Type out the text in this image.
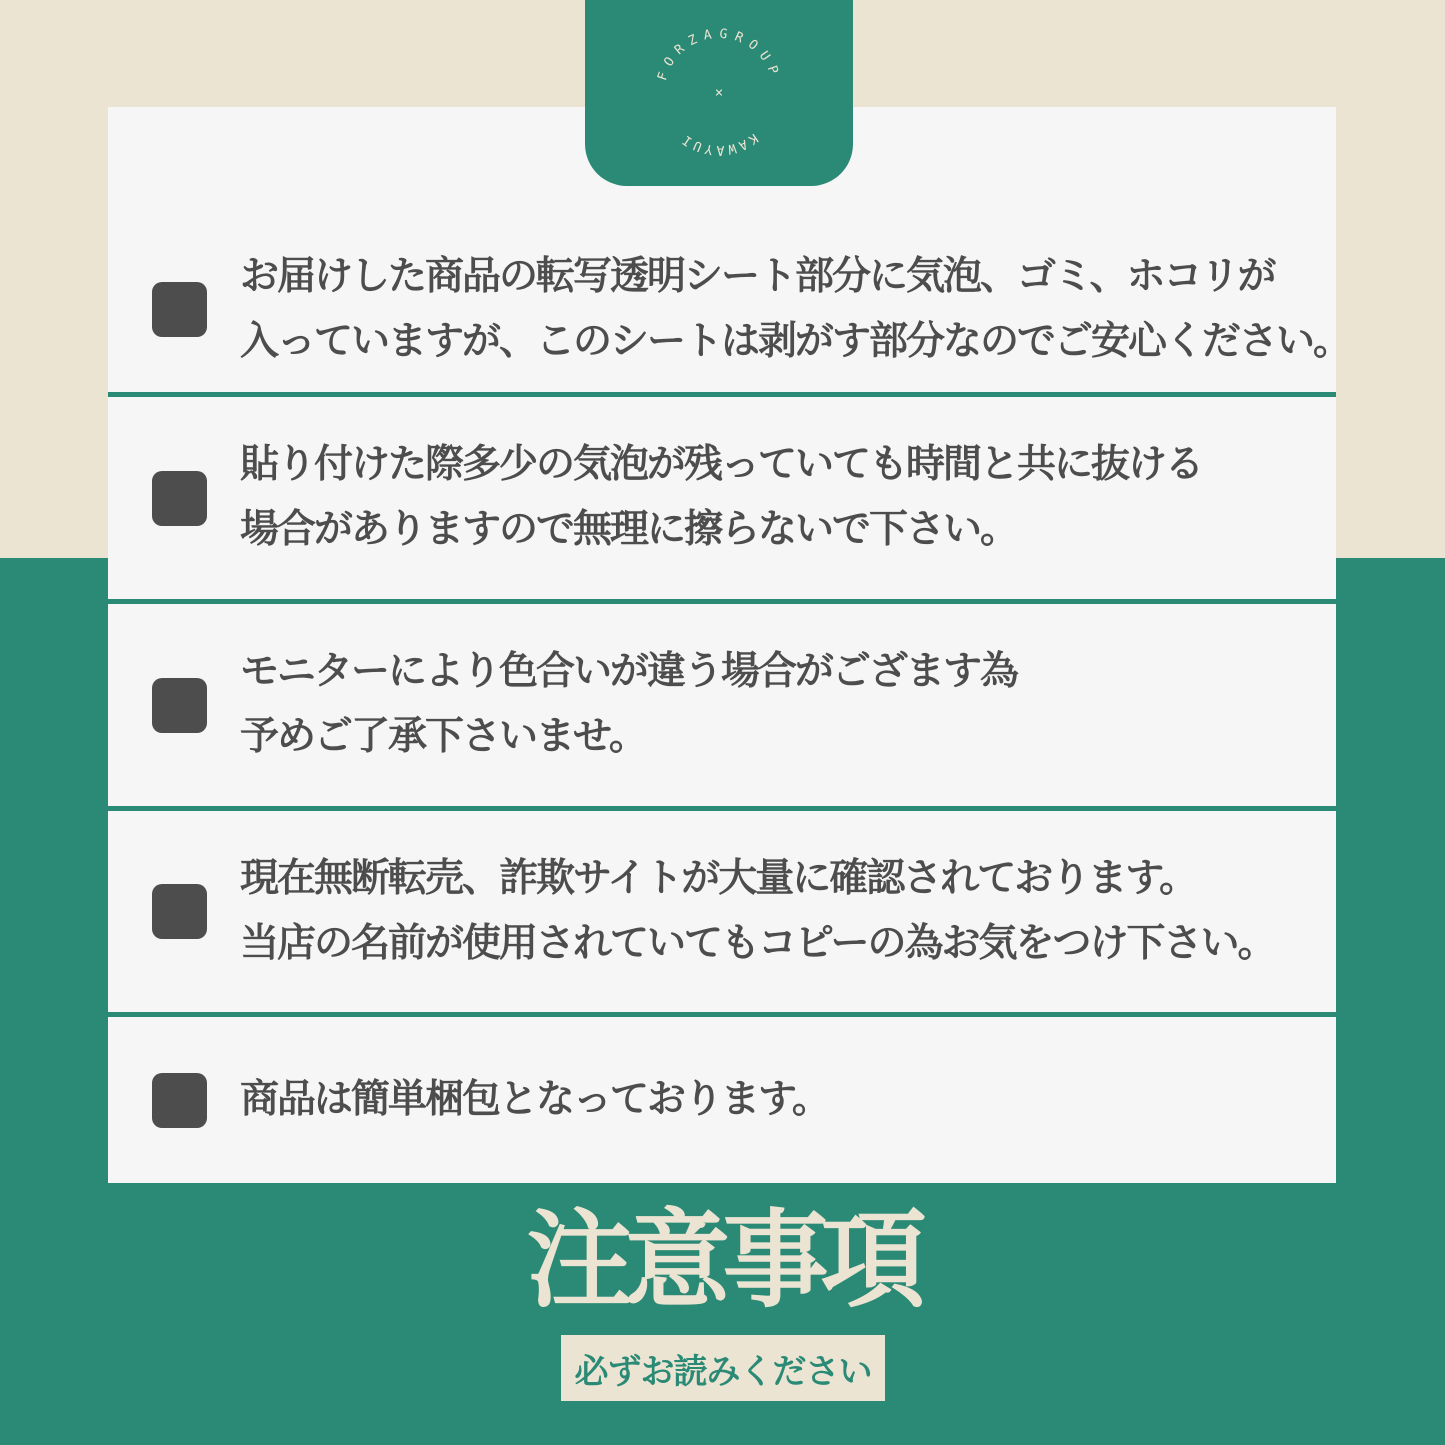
お届けした商品の転写透明シート部分に気泡、ゴミ、ホコリが
入っていますが、このシートは剥がす部分なのでご安心ください。
貼り付けた際多少の気泡が残っていても時間と共に抜ける
場合がありますので無理に擦らないで下さい。
モニターにより色合いが違う場合がござます為
予めご了承下さいませ。
現在無断転売、詐欺サイトが大量に確認されております。
当店の名前が使用されていてもコピーの為お気をつけ下さい。
商品は簡単梱包となっております。
FORZAGROUP
×
KAWAYUI
注意事項
必ずお読みください
